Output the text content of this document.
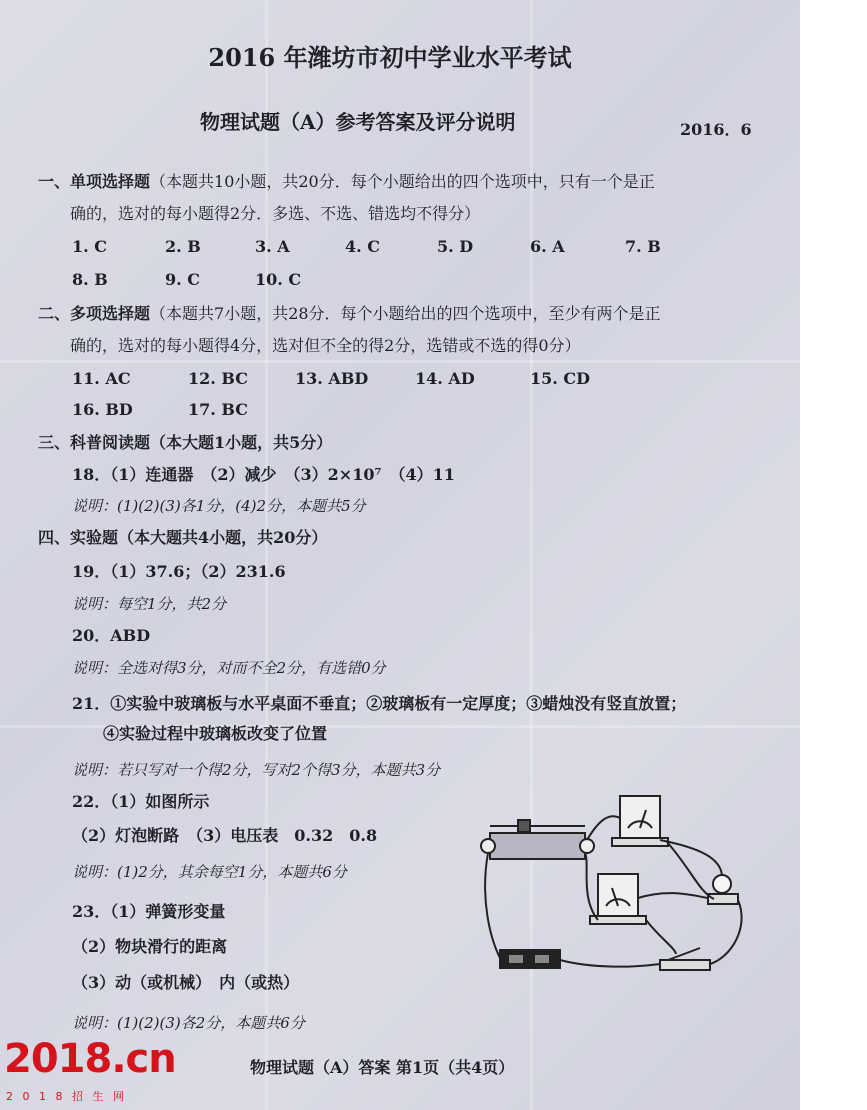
2016 年潍坊市初中学业水平考试
物理试题（A）参考答案及评分说明	2016．6
一、单项选择题（本题共10小题，共20分．每个小题给出的四个选项中，只有一个是正
确的，选对的每小题得2分．多选、不选、错选均不得分）
1. C	2. B	3. A	4. C	5. D	6. A	7. B
8. B	9. C	10. C
二、多项选择题（本题共7小题，共28分．每个小题给出的四个选项中，至少有两个是正
确的，选对的每小题得4分，选对但不全的得2分，选错或不选的得0分）
11. AC	12. BC	13. ABD	14. AD	15. CD
16. BD	17. BC
三、科普阅读题（本大题1小题，共5分）
18．（1）连通器　（2）减少　（3）2×10⁷　（4）11
说明：(1)(2)(3)各1分，(4)2分，本题共5分
四、实验题（本大题共4小题，共20分）
19．（1）37.6；（2）231.6
说明：每空1分，共2分
20．ABD
说明：全选对得3分，对而不全2分，有选错0分
21．①实验中玻璃板与水平桌面不垂直；②玻璃板有一定厚度；③蜡烛没有竖直放置；
④实验过程中玻璃板改变了位置
说明：若只写对一个得2分，写对2个得3分，本题共3分
22．（1）如图所示
（2）灯泡断路　（3）电压表　0.32　0.8
说明：(1)2分，其余每空1分，本题共6分
23．（1）弹簧形变量
（2）物块滑行的距离
（3）动（或机械）　内（或热）
说明：(1)(2)(3)各2分，本题共6分
物理试题（A）答案 第1页（共4页）
2018.cn
2 0 1 8 招 生 网
